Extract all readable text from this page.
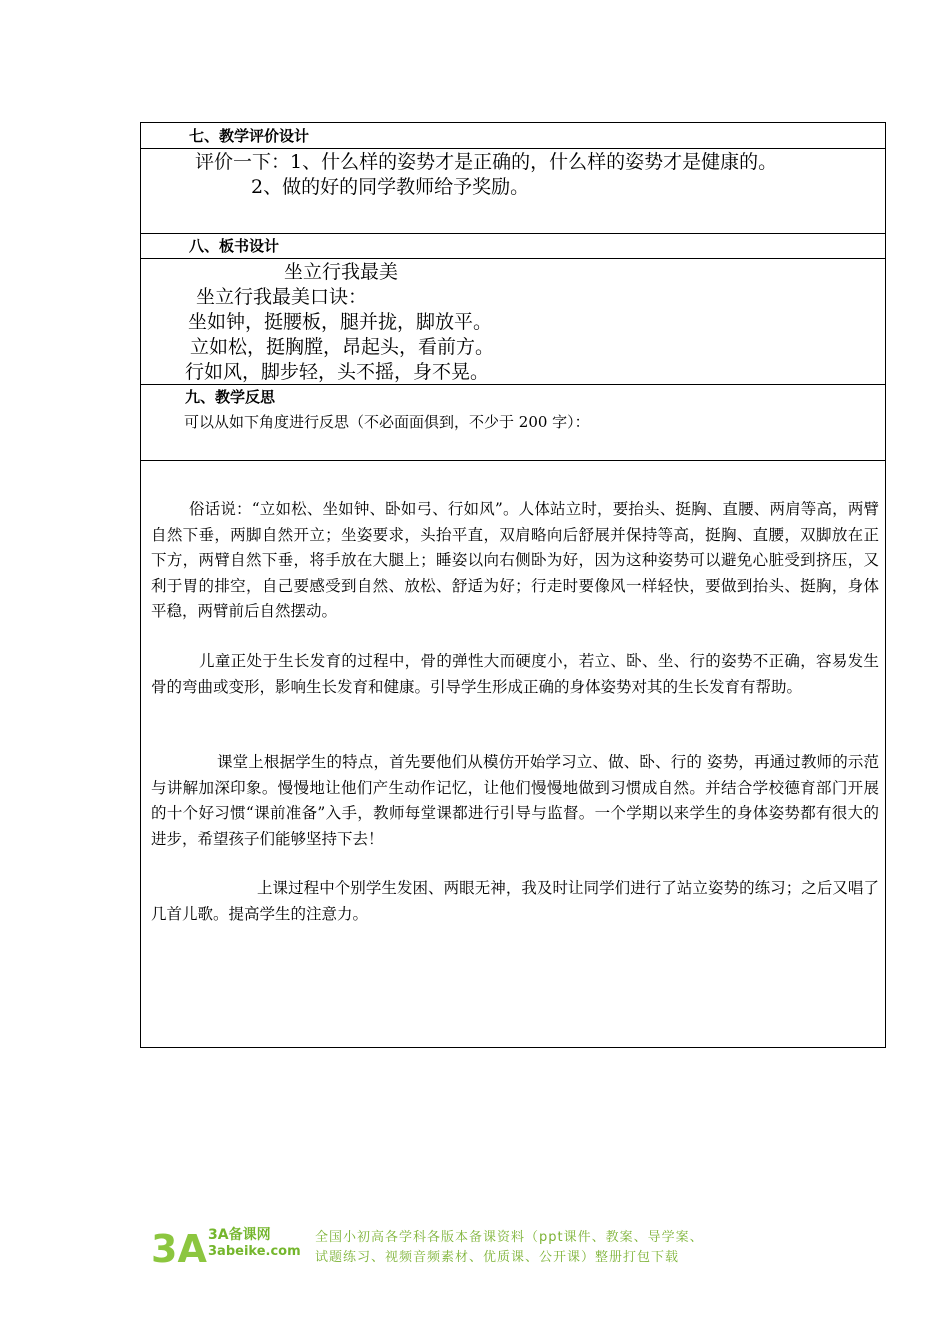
七、教学评价设计
评价一下：1、什么样的姿势才是正确的，什么样的姿势才是健康的。
2、做的好的同学教师给予奖励。
八、板书设计
坐立行我最美
坐立行我最美口诀：
坐如钟，挺腰板，腿并拢，脚放平。
立如松，挺胸膛，昂起头，看前方。
行如风，脚步轻，头不摇，身不晃。
九、教学反思
可以从如下角度进行反思（不必面面俱到，不少于 200 字）：
俗话说：“立如松、坐如钟、卧如弓、行如风”。人体站立时，要抬头、挺胸、直腰、两肩等高，两臂自然下垂，两脚自然开立；坐姿要求，头抬平直，双肩略向后舒展并保持等高，挺胸、直腰，双脚放在正下方，两臂自然下垂，将手放在大腿上；睡姿以向右侧卧为好，因为这种姿势可以避免心脏受到挤压，又利于胃的排空，自己要感受到自然、放松、舒适为好；行走时要像风一样轻快，要做到抬头、挺胸，身体平稳，两臂前后自然摆动。
儿童正处于生长发育的过程中，骨的弹性大而硬度小，若立、卧、坐、行的姿势不正确，容易发生骨的弯曲或变形，影响生长发育和健康。引导学生形成正确的身体姿势对其的生长发育有帮助。
课堂上根据学生的特点，首先要他们从模仿开始学习立、做、卧、行的 姿势，再通过教师的示范与讲解加深印象。慢慢地让他们产生动作记忆，让他们慢慢地做到习惯成自然。并结合学校德育部门开展的十个好习惯“课前准备”入手，教师每堂课都进行引导与监督。一个学期以来学生的身体姿势都有很大的进步，希望孩子们能够坚持下去！
上课过程中个别学生发困、两眼无神，我及时让同学们进行了站立姿势的练习；之后又唱了几首儿歌。提高学生的注意力。
3A 3A备课网
3abeike.com
全国小初高各学科各版本备课资料（ppt课件、教案、导学案、
试题练习、视频音频素材、优质课、公开课）整册打包下载
